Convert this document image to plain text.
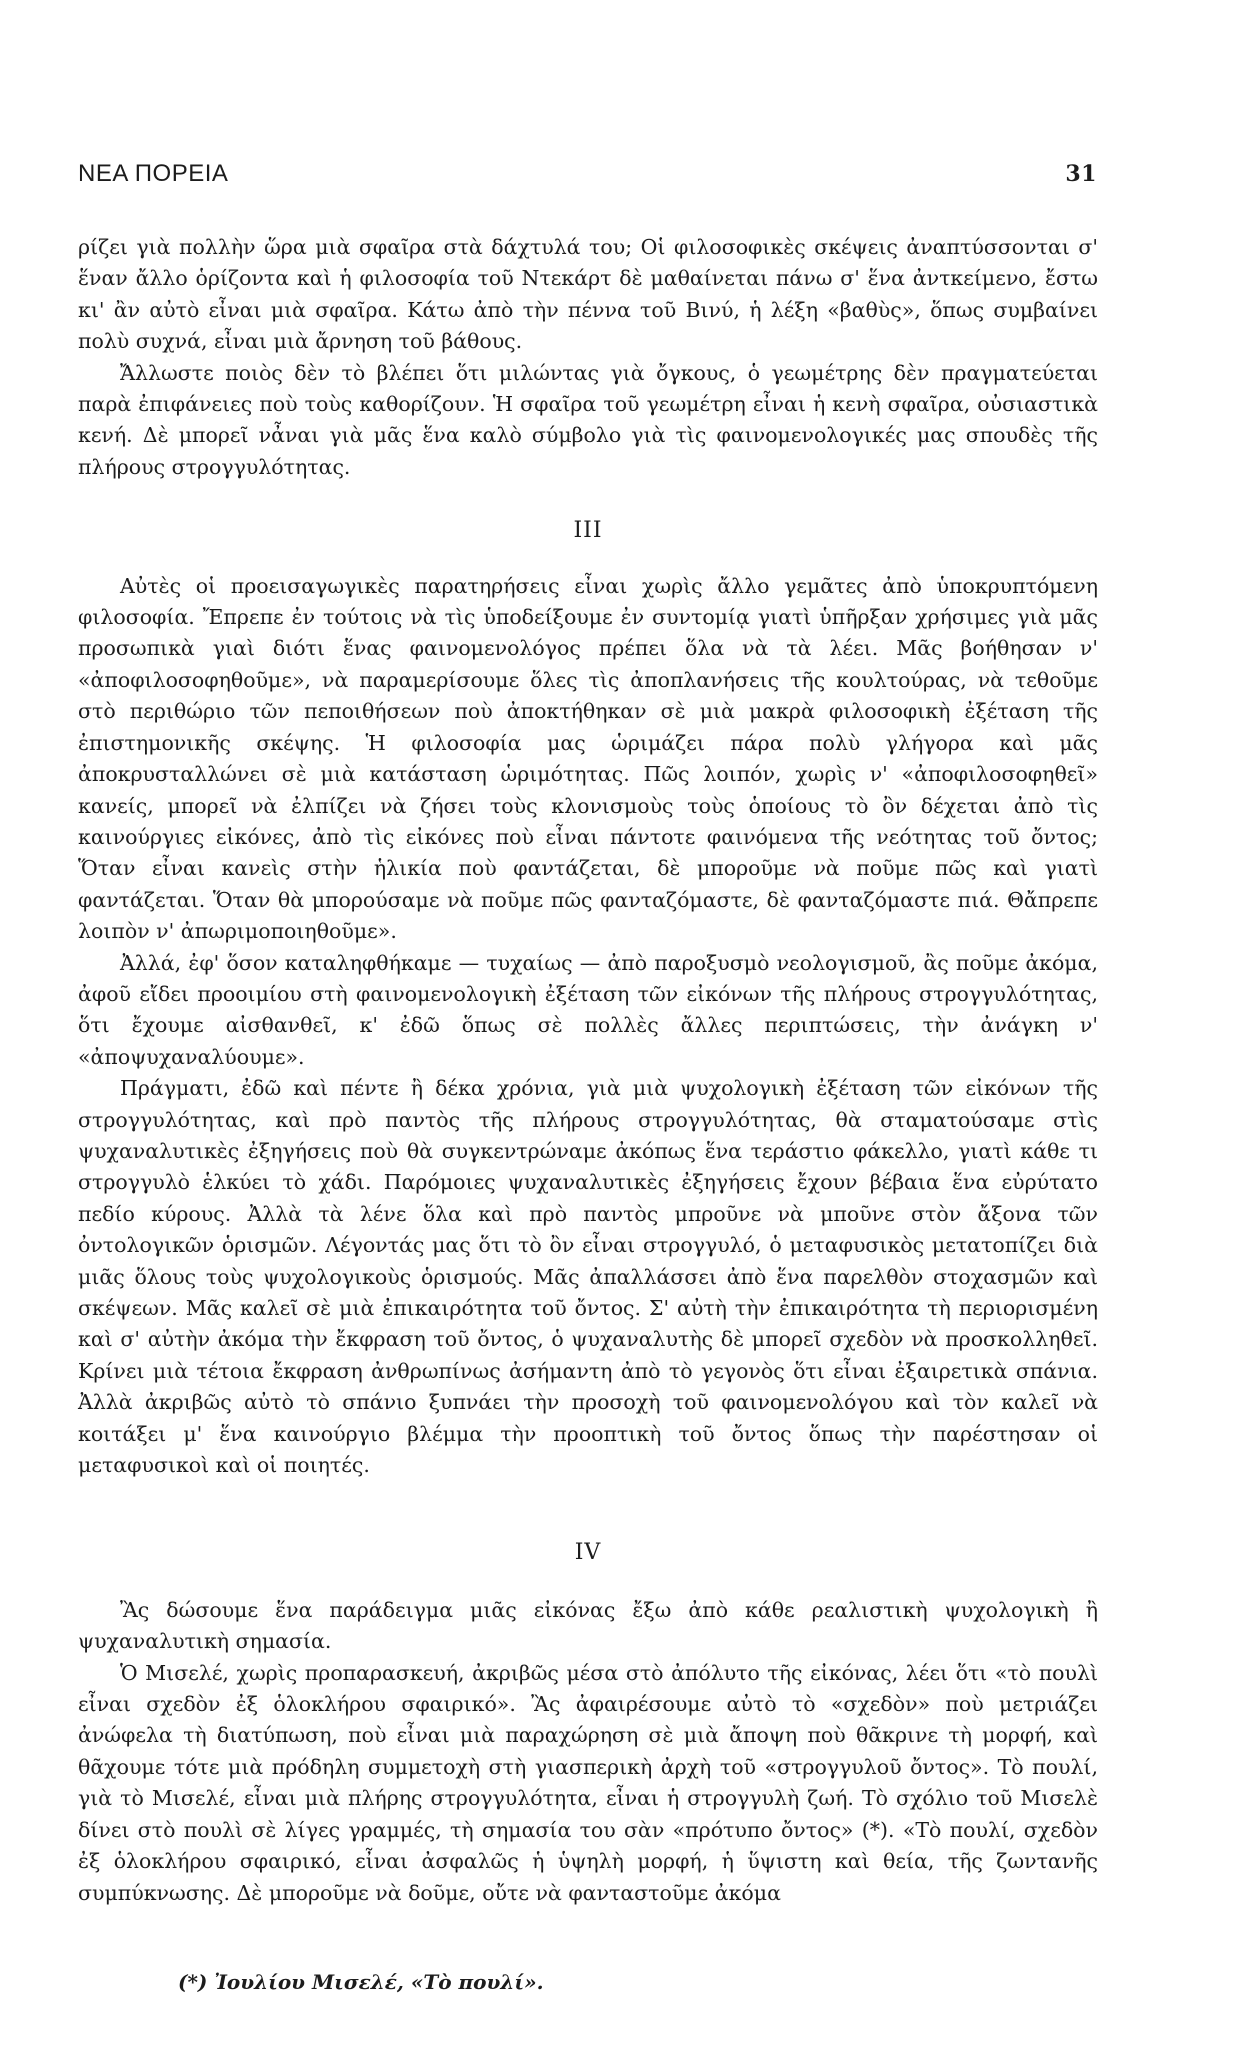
ΝΕΑ ΠΟΡΕΙΑ	31

ρίζει γιὰ πολλὴν ὥρα μιὰ σφαῖρα στὰ δάχτυλά του; Οἱ φιλοσοφικὲς σκέψεις ἀναπτύσσονται σ' ἕναν ἄλλο ὁρίζοντα καὶ ἡ φιλοσοφία τοῦ Ντεκάρτ δὲ μαθαίνεται πάνω σ' ἕνα ἀντκείμενο, ἔστω κι' ἂν αὐτὸ εἶναι μιὰ σφαῖρα. Κάτω ἀπὸ τὴν πέννα τοῦ Βινύ, ἡ λέξη «βαθὺς», ὅπως συμβαίνει πολὺ συχνά, εἶναι μιὰ ἄρνηση τοῦ βάθους.

Ἄλλωστε ποιὸς δὲν τὸ βλέπει ὅτι μιλώντας γιὰ ὄγκους, ὁ γεωμέτρης δὲν πραγματεύεται παρὰ ἐπιφάνειες ποὺ τοὺς καθορίζουν. Ἡ σφαῖρα τοῦ γεωμέτρη εἶναι ἡ κενὴ σφαῖρα, οὐσιαστικὰ κενή. Δὲ μπορεῖ νἆναι γιὰ μᾶς ἕνα καλὸ σύμβολο γιὰ τὶς φαινομενολογικές μας σπουδὲς τῆς πλήρους στρογγυλότητας.

III

Αὐτὲς οἱ προεισαγωγικὲς παρατηρήσεις εἶναι χωρὶς ἄλλο γεμᾶτες ἀπὸ ὑποκρυπτόμενη φιλοσοφία. Ἔπρεπε ἐν τούτοις νὰ τὶς ὑποδείξουμε ἐν συντομίᾳ γιατὶ ὑπῆρξαν χρήσιμες γιὰ μᾶς προσωπικὰ γιαὶ διότι ἕνας φαινομενολόγος πρέπει ὅλα νὰ τὰ λέει. Μᾶς βοήθησαν ν' «ἀποφιλοσοφηθοῦμε», νὰ παραμερίσουμε ὅλες τὶς ἀποπλανήσεις τῆς κουλτούρας, νὰ τεθοῦμε στὸ περιθώριο τῶν πεποιθήσεων ποὺ ἀποκτήθηκαν σὲ μιὰ μακρὰ φιλοσοφικὴ ἐξέταση τῆς ἐπιστημονικῆς σκέψης. Ἡ φιλοσοφία μας ὡριμάζει πάρα πολὺ γλήγορα καὶ μᾶς ἀποκρυσταλλώνει σὲ μιὰ κατάσταση ὡριμότητας. Πῶς λοιπόν, χωρὶς ν' «ἀποφιλοσοφηθεῖ» κανείς, μπορεῖ νὰ ἐλπίζει νὰ ζήσει τοὺς κλονισμοὺς τοὺς ὁποίους τὸ ὂν δέχεται ἀπὸ τὶς καινούργιες εἰκόνες, ἀπὸ τὶς εἰκόνες ποὺ εἶναι πάντοτε φαινόμενα τῆς νεότητας τοῦ ὄντος; Ὅταν εἶναι κανεὶς στὴν ἡλικία ποὺ φαντάζεται, δὲ μποροῦμε νὰ ποῦμε πῶς καὶ γιατὶ φαντάζεται. Ὅταν θὰ μπορούσαμε νὰ ποῦμε πῶς φανταζόμαστε, δὲ φανταζόμαστε πιά. Θἄπρεπε λοιπὸν ν' ἀπωριμοποιηθοῦμε».

Ἀλλά, ἐφ' ὅσον καταληφθήκαμε — τυχαίως — ἀπὸ παροξυσμὸ νεολογισμοῦ, ἂς ποῦμε ἀκόμα, ἀφοῦ εἴδει προοιμίου στὴ φαινομενολογικὴ ἐξέταση τῶν εἰκόνων τῆς πλήρους στρογγυλότητας, ὅτι ἔχουμε αἰσθανθεῖ, κ' ἐδῶ ὅπως σὲ πολλὲς ἄλλες περιπτώσεις, τὴν ἀνάγκη ν' «ἀποψυχαναλύουμε».

Πράγματι, ἐδῶ καὶ πέντε ἢ δέκα χρόνια, γιὰ μιὰ ψυχολογικὴ ἐξέταση τῶν εἰκόνων τῆς στρογγυλότητας, καὶ πρὸ παντὸς τῆς πλήρους στρογγυλότητας, θὰ σταματούσαμε στὶς ψυχαναλυτικὲς ἐξηγήσεις ποὺ θὰ συγκεντρώναμε ἀκόπως ἕνα τεράστιο φάκελλο, γιατὶ κάθε τι στρογγυλὸ ἑλκύει τὸ χάδι. Παρόμοιες ψυχαναλυτικὲς ἐξηγήσεις ἔχουν βέβαια ἕνα εὐρύτατο πεδίο κύρους. Ἀλλὰ τὰ λένε ὅλα καὶ πρὸ παντὸς μπροῦνε νὰ μποῦνε στὸν ἄξονα τῶν ὀντολογικῶν ὁρισμῶν. Λέγοντάς μας ὅτι τὸ ὂν εἶναι στρογγυλό, ὁ μεταφυσικὸς μετατοπίζει διὰ μιᾶς ὅλους τοὺς ψυχολογικοὺς ὁρισμούς. Μᾶς ἀπαλλάσσει ἀπὸ ἕνα παρελθὸν στοχασμῶν καὶ σκέψεων. Μᾶς καλεῖ σὲ μιὰ ἐπικαιρότητα τοῦ ὄντος. Σ' αὐτὴ τὴν ἐπικαιρότητα τὴ περιορισμένη καὶ σ' αὐτὴν ἀκόμα τὴν ἔκφραση τοῦ ὄντος, ὁ ψυχαναλυτὴς δὲ μπορεῖ σχεδὸν νὰ προσκολληθεῖ. Κρίνει μιὰ τέτοια ἔκφραση ἀνθρωπίνως ἀσήμαντη ἀπὸ τὸ γεγονὸς ὅτι εἶναι ἐξαιρετικὰ σπάνια. Ἀλλὰ ἀκριβῶς αὐτὸ τὸ σπάνιο ξυπνάει τὴν προσοχὴ τοῦ φαινομενολόγου καὶ τὸν καλεῖ νὰ κοιτάξει μ' ἕνα καινούργιο βλέμμα τὴν προοπτικὴ τοῦ ὄντος ὅπως τὴν παρέστησαν οἱ μεταφυσικοὶ καὶ οἱ ποιητές.

IV

Ἂς δώσουμε ἕνα παράδειγμα μιᾶς εἰκόνας ἔξω ἀπὸ κάθε ρεαλιστικὴ ψυχολογικὴ ἢ ψυχαναλυτικὴ σημασία.

Ὁ Μισελέ, χωρὶς προπαρασκευή, ἀκριβῶς μέσα στὸ ἀπόλυτο τῆς εἰκόνας, λέει ὅτι «τὸ πουλὶ εἶναι σχεδὸν ἐξ ὁλοκλήρου σφαιρικό». Ἂς ἀφαιρέσουμε αὐτὸ τὸ «σχεδὸν» ποὺ μετριάζει ἀνώφελα τὴ διατύπωση, ποὺ εἶναι μιὰ παραχώρηση σὲ μιὰ ἄποψη ποὺ θᾶκρινε τὴ μορφή, καὶ θᾶχουμε τότε μιὰ πρόδηλη συμμετοχὴ στὴ γιασπερικὴ ἀρχὴ τοῦ «στρογγυλοῦ ὄντος». Τὸ πουλί, γιὰ τὸ Μισελέ, εἶναι μιὰ πλήρης στρογγυλότητα, εἶναι ἡ στρογγυλὴ ζωή. Τὸ σχόλιο τοῦ Μισελὲ δίνει στὸ πουλὶ σὲ λίγες γραμμές, τὴ σημασία του σὰν «πρότυπο ὄντος» (*). «Τὸ πουλί, σχεδὸν ἐξ ὁλοκλήρου σφαιρικό, εἶναι ἀσφαλῶς ἡ ὑψηλὴ μορφή, ἡ ὕψιστη καὶ θεία, τῆς ζωντανῆς συμπύκνωσης. Δὲ μποροῦμε νὰ δοῦμε, οὔτε νὰ φανταστοῦμε ἀκόμα

(*) Ἰουλίου Μισελέ, «Τὸ πουλί».
